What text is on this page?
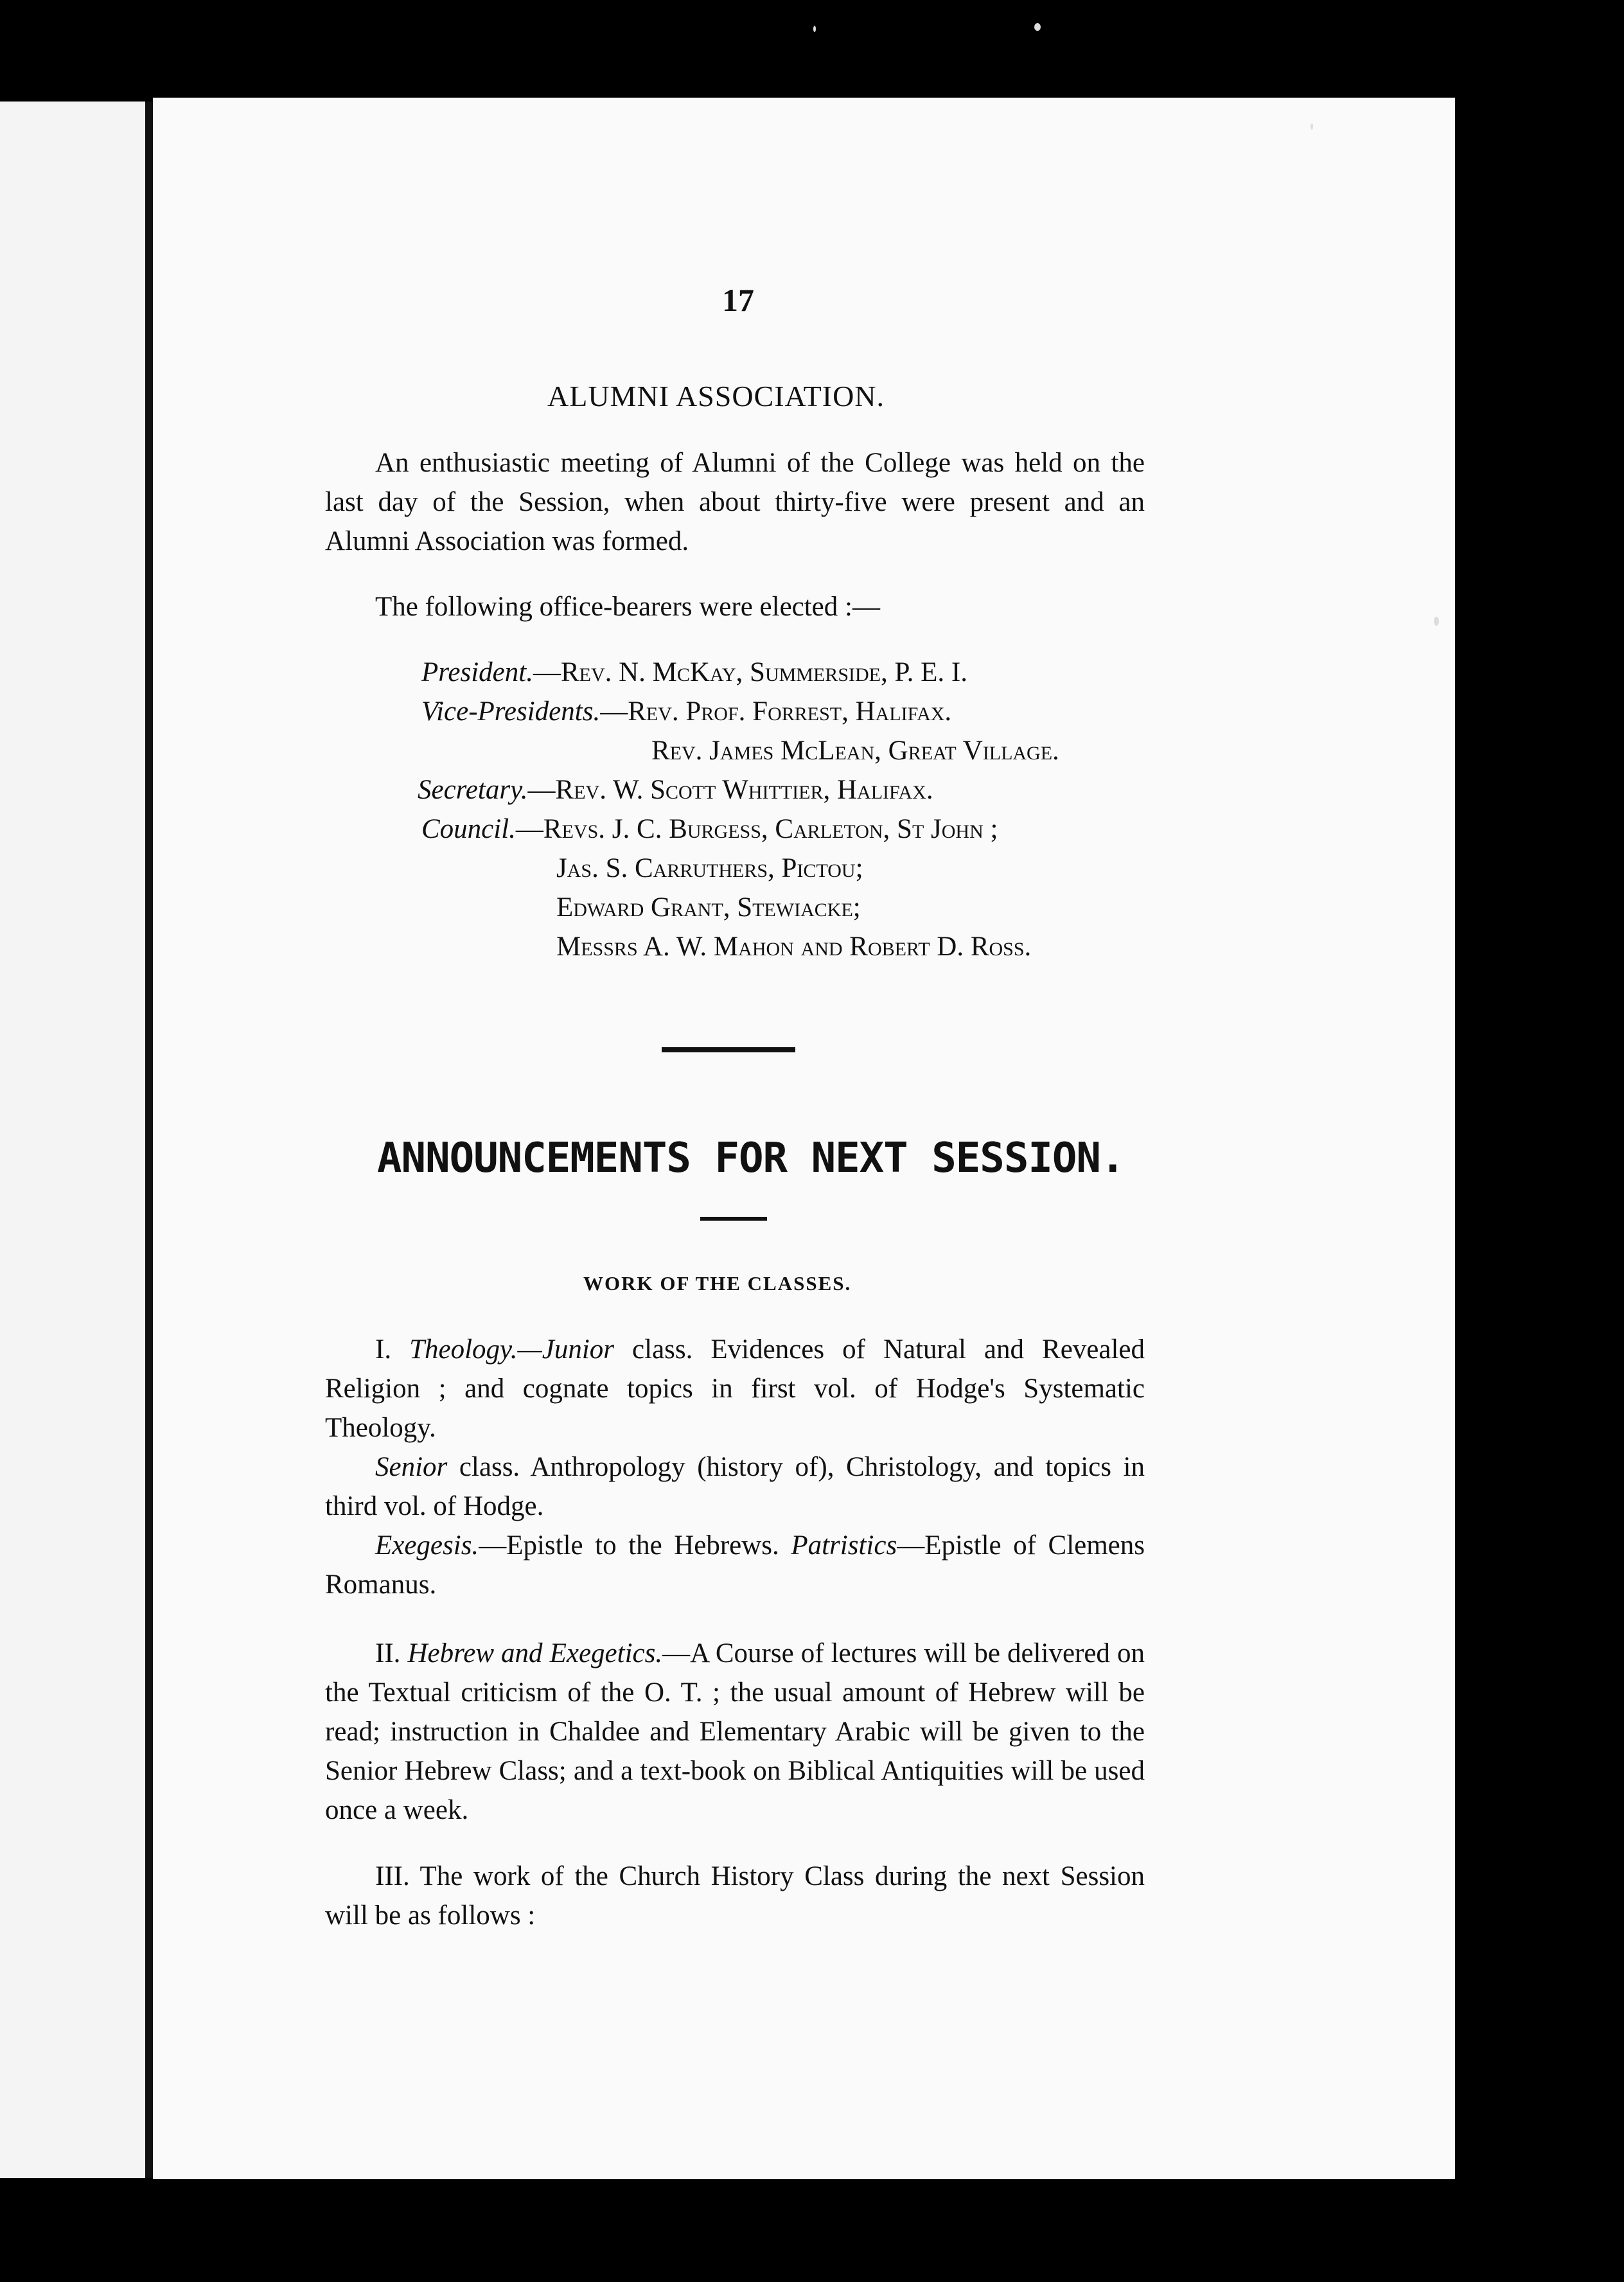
17
ALUMNI ASSOCIATION.
An enthusiastic meeting of Alumni of the College was held on the last day of the Session, when about thirty-five were present and an Alumni Association was formed.
The following office-bearers were elected :—
President.—Rev. N. McKay, Summerside, P. E. I.
Vice-Presidents.—Rev. Prof. Forrest, Halifax.
Rev. James McLean, Great Village.
Secretary.—Rev. W. Scott Whittier, Halifax.
Council.—Revs. J. C. Burgess, Carleton, St John ;
Jas. S. Carruthers, Pictou;
Edward Grant, Stewiacke;
Messrs A. W. Mahon and Robert D. Ross.
ANNOUNCEMENTS FOR NEXT SESSION.
WORK OF THE CLASSES.
I. Theology.—Junior class. Evidences of Natural and Revealed Religion ; and cognate topics in first vol. of Hodge's Systematic Theology.
Senior class. Anthropology (history of), Christology, and topics in third vol. of Hodge.
Exegesis.—Epistle to the Hebrews. Patristics—Epistle of Clemens Romanus.
II. Hebrew and Exegetics.—A Course of lectures will be delivered on the Textual criticism of the O. T. ; the usual amount of Hebrew will be read; instruction in Chaldee and Elementary Arabic will be given to the Senior Hebrew Class; and a text-book on Biblical Antiquities will be used once a week.
III. The work of the Church History Class during the next Session will be as follows :
